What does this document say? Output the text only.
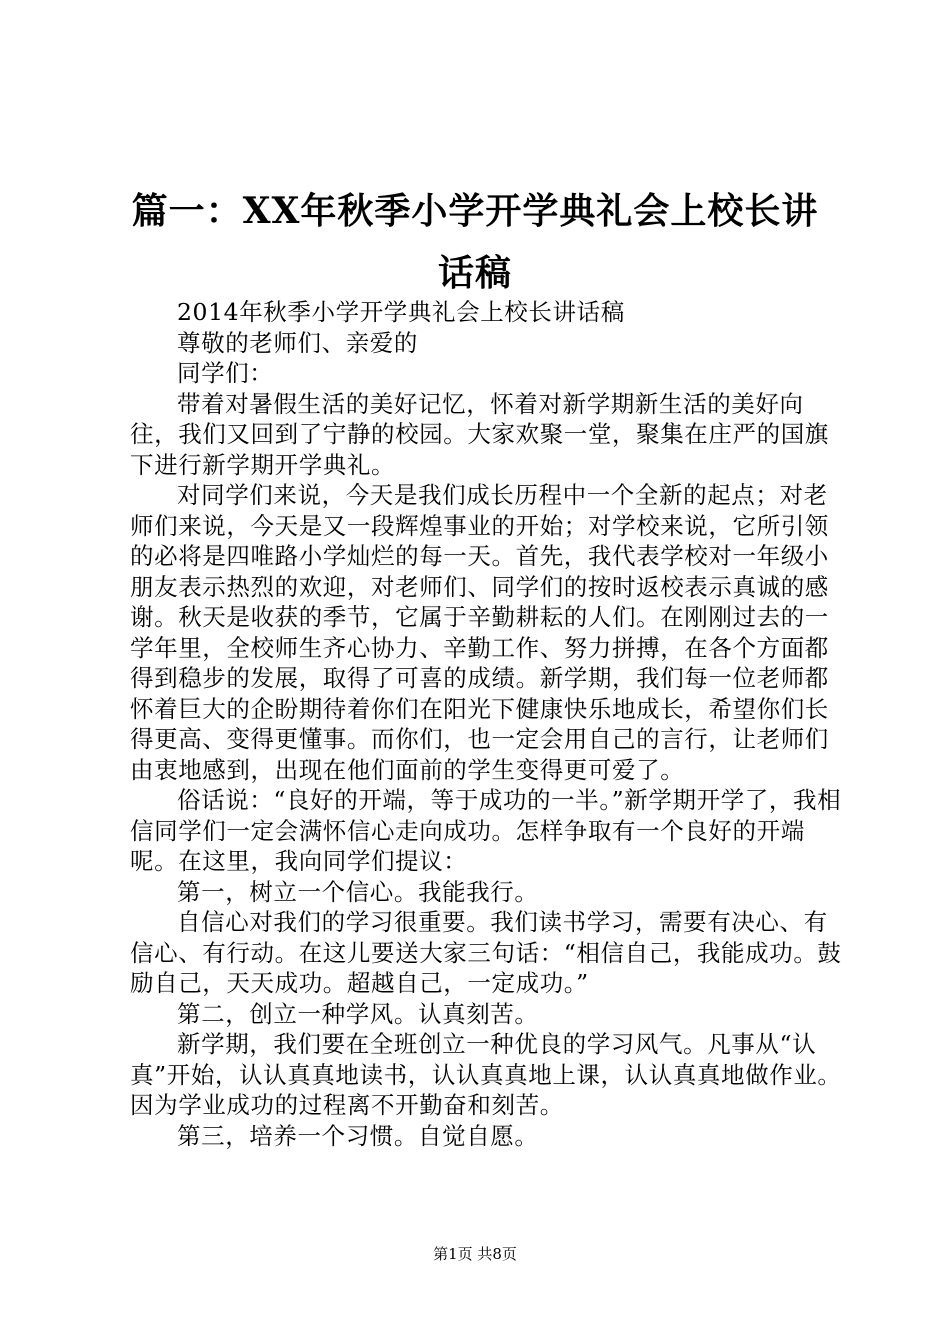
篇一：XX年秋季小学开学典礼会上校长讲话稿

2014年秋季小学开学典礼会上校长讲话稿

尊敬的老师们、亲爱的

同学们：

带着对暑假生活的美好记忆，怀着对新学期新生活的美好向往，我们又回到了宁静的校园。大家欢聚一堂，聚集在庄严的国旗下进行新学期开学典礼。

对同学们来说，今天是我们成长历程中一个全新的起点；对老师们来说，今天是又一段辉煌事业的开始；对学校来说，它所引领的必将是四唯路小学灿烂的每一天。首先，我代表学校对一年级小朋友表示热烈的欢迎，对老师们、同学们的按时返校表示真诚的感谢。秋天是收获的季节，它属于辛勤耕耘的人们。在刚刚过去的一学年里，全校师生齐心协力、辛勤工作、努力拼搏，在各个方面都得到稳步的发展，取得了可喜的成绩。新学期，我们每一位老师都怀着巨大的企盼期待着你们在阳光下健康快乐地成长，希望你们长得更高、变得更懂事。而你们，也一定会用自己的言行，让老师们由衷地感到，出现在他们面前的学生变得更可爱了。

俗话说：“良好的开端，等于成功的一半。”新学期开学了，我相信同学们一定会满怀信心走向成功。怎样争取有一个良好的开端呢。在这里，我向同学们提议：

第一，树立一个信心。我能我行。

自信心对我们的学习很重要。我们读书学习，需要有决心、有信心、有行动。在这儿要送大家三句话：“相信自己，我能成功。鼓励自己，天天成功。超越自己，一定成功。”

第二，创立一种学风。认真刻苦。

新学期，我们要在全班创立一种优良的学习风气。凡事从“认真”开始，认认真真地读书，认认真真地上课，认认真真地做作业。因为学业成功的过程离不开勤奋和刻苦。

第三，培养一个习惯。自觉自愿。

第1页 共8页
